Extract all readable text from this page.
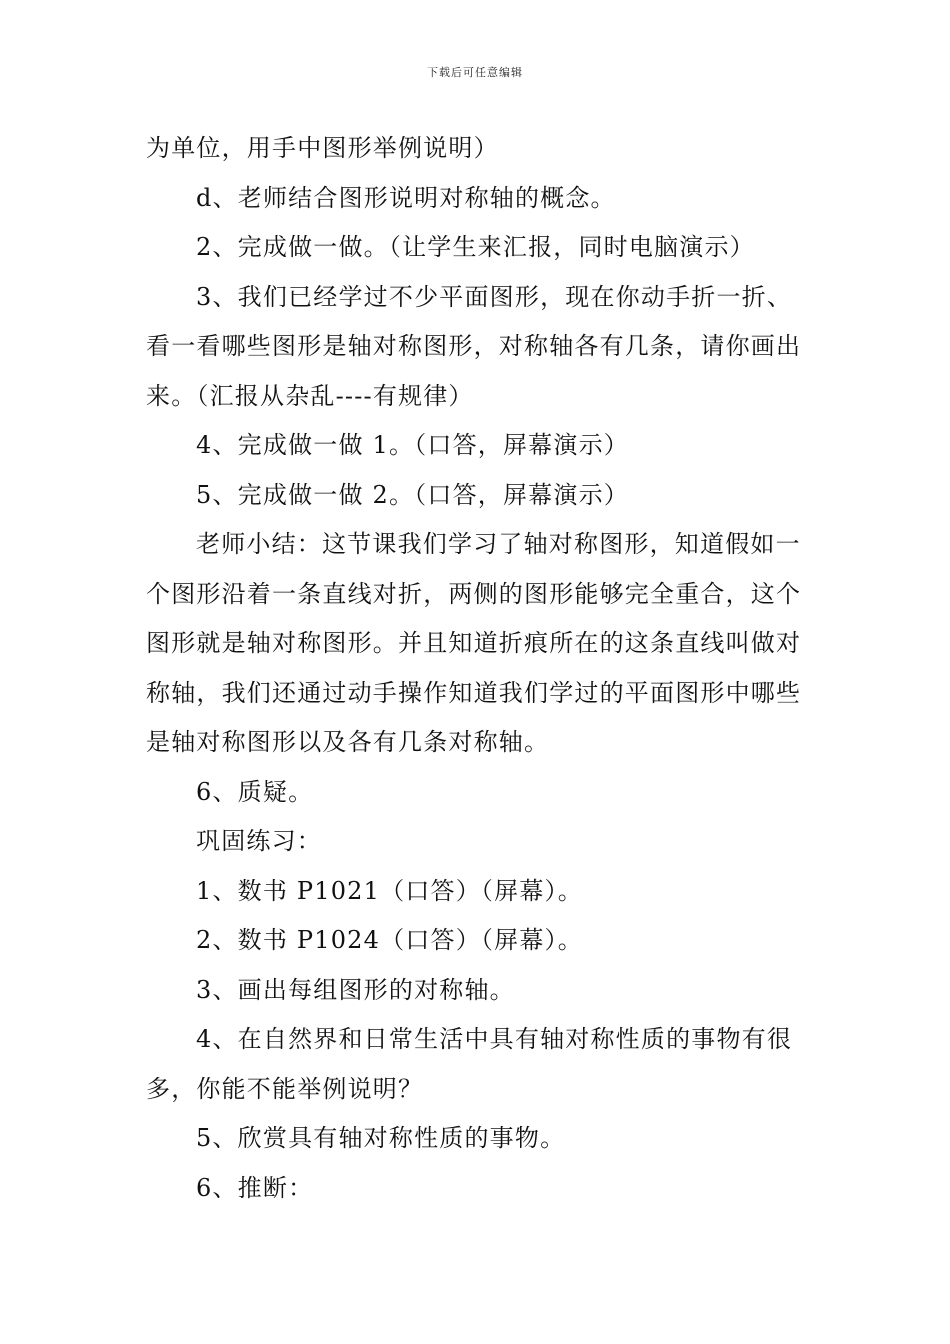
下载后可任意编辑

为单位，用手中图形举例说明）

d、老师结合图形说明对称轴的概念。

2、完成做一做。（让学生来汇报，同时电脑演示）

3、我们已经学过不少平面图形，现在你动手折一折、看一看哪些图形是轴对称图形，对称轴各有几条，请你画出来。（汇报从杂乱----有规律）

4、完成做一做 1。（口答，屏幕演示）

5、完成做一做 2。（口答，屏幕演示）

老师小结：这节课我们学习了轴对称图形，知道假如一个图形沿着一条直线对折，两侧的图形能够完全重合，这个图形就是轴对称图形。并且知道折痕所在的这条直线叫做对称轴，我们还通过动手操作知道我们学过的平面图形中哪些是轴对称图形以及各有几条对称轴。

6、质疑。

巩固练习：

1、数书 P1021（口答）（屏幕）。

2、数书 P1024（口答）（屏幕）。

3、画出每组图形的对称轴。

4、在自然界和日常生活中具有轴对称性质的事物有很多，你能不能举例说明？

5、欣赏具有轴对称性质的事物。

6、推断：
